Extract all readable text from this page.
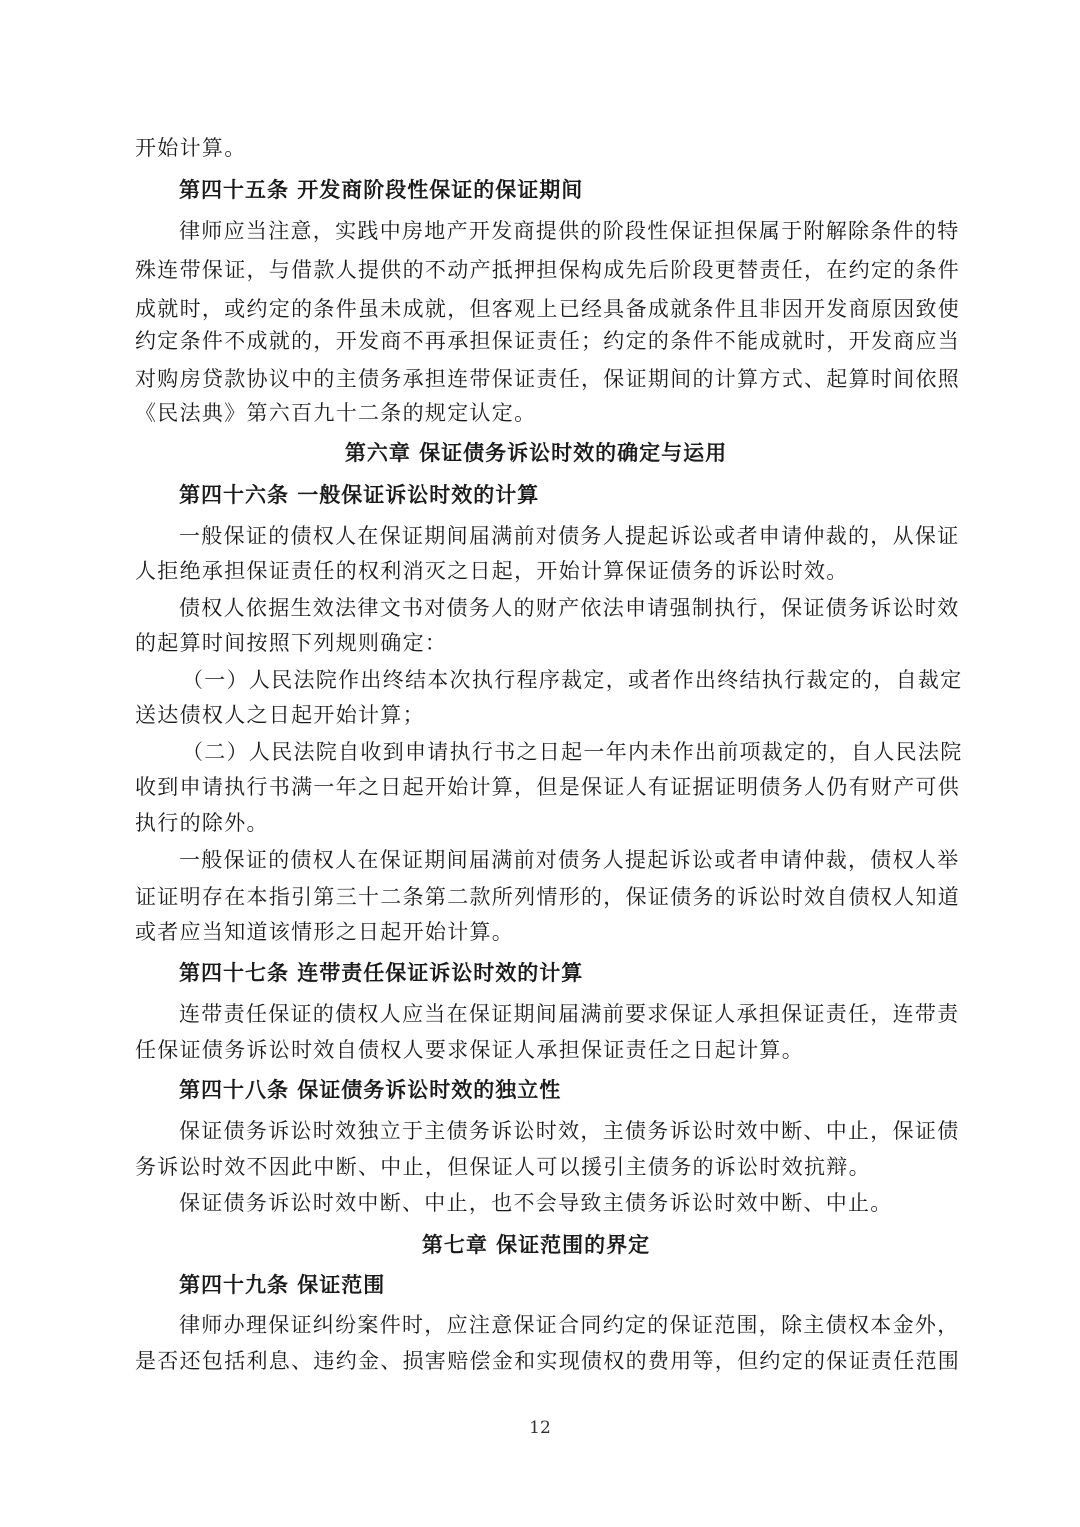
开始计算。
第四十五条 开发商阶段性保证的保证期间
律师应当注意，实践中房地产开发商提供的阶段性保证担保属于附解除条件的特
殊连带保证，与借款人提供的不动产抵押担保构成先后阶段更替责任，在约定的条件
成就时，或约定的条件虽未成就，但客观上已经具备成就条件且非因开发商原因致使
约定条件不成就的，开发商不再承担保证责任；约定的条件不能成就时，开发商应当
对购房贷款协议中的主债务承担连带保证责任，保证期间的计算方式、起算时间依照
《民法典》第六百九十二条的规定认定。
第六章 保证债务诉讼时效的确定与运用
第四十六条 一般保证诉讼时效的计算
一般保证的债权人在保证期间届满前对债务人提起诉讼或者申请仲裁的，从保证
人拒绝承担保证责任的权利消灭之日起，开始计算保证债务的诉讼时效。
债权人依据生效法律文书对债务人的财产依法申请强制执行，保证债务诉讼时效
的起算时间按照下列规则确定：
（一）人民法院作出终结本次执行程序裁定，或者作出终结执行裁定的，自裁定
送达债权人之日起开始计算；
（二）人民法院自收到申请执行书之日起一年内未作出前项裁定的，自人民法院
收到申请执行书满一年之日起开始计算，但是保证人有证据证明债务人仍有财产可供
执行的除外。
一般保证的债权人在保证期间届满前对债务人提起诉讼或者申请仲裁，债权人举
证证明存在本指引第三十二条第二款所列情形的，保证债务的诉讼时效自债权人知道
或者应当知道该情形之日起开始计算。
第四十七条 连带责任保证诉讼时效的计算
连带责任保证的债权人应当在保证期间届满前要求保证人承担保证责任，连带责
任保证债务诉讼时效自债权人要求保证人承担保证责任之日起计算。
第四十八条 保证债务诉讼时效的独立性
保证债务诉讼时效独立于主债务诉讼时效，主债务诉讼时效中断、中止，保证债
务诉讼时效不因此中断、中止，但保证人可以援引主债务的诉讼时效抗辩。
保证债务诉讼时效中断、中止，也不会导致主债务诉讼时效中断、中止。
第七章 保证范围的界定
第四十九条 保证范围
律师办理保证纠纷案件时，应注意保证合同约定的保证范围，除主债权本金外，
是否还包括利息、违约金、损害赔偿金和实现债权的费用等，但约定的保证责任范围
12
